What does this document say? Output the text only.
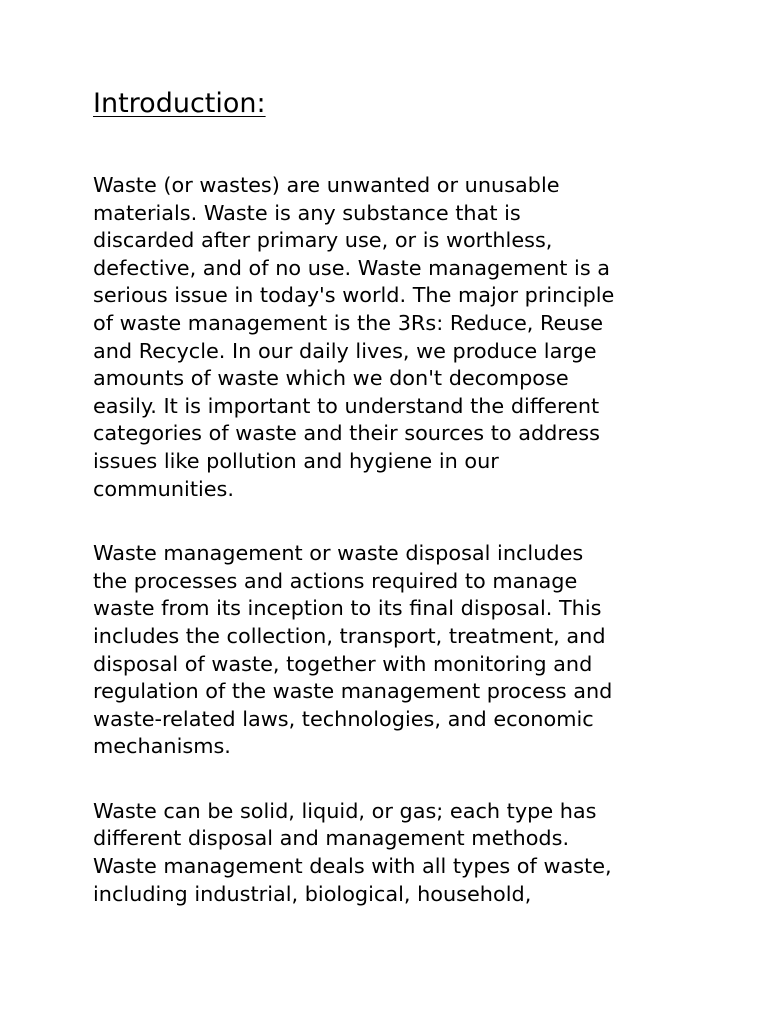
Introduction:

Waste (or wastes) are unwanted or unusable
materials. Waste is any substance that is
discarded after primary use, or is worthless,
defective, and of no use. Waste management is a
serious issue in today's world. The major principle
of waste management is the 3Rs: Reduce, Reuse
and Recycle. In our daily lives, we produce large
amounts of waste which we don't decompose
easily. It is important to understand the different
categories of waste and their sources to address
issues like pollution and hygiene in our
communities.

Waste management or waste disposal includes
the processes and actions required to manage
waste from its inception to its final disposal. This
includes the collection, transport, treatment, and
disposal of waste, together with monitoring and
regulation of the waste management process and
waste-related laws, technologies, and economic
mechanisms.

Waste can be solid, liquid, or gas; each type has
different disposal and management methods.
Waste management deals with all types of waste,
including industrial, biological, household,
